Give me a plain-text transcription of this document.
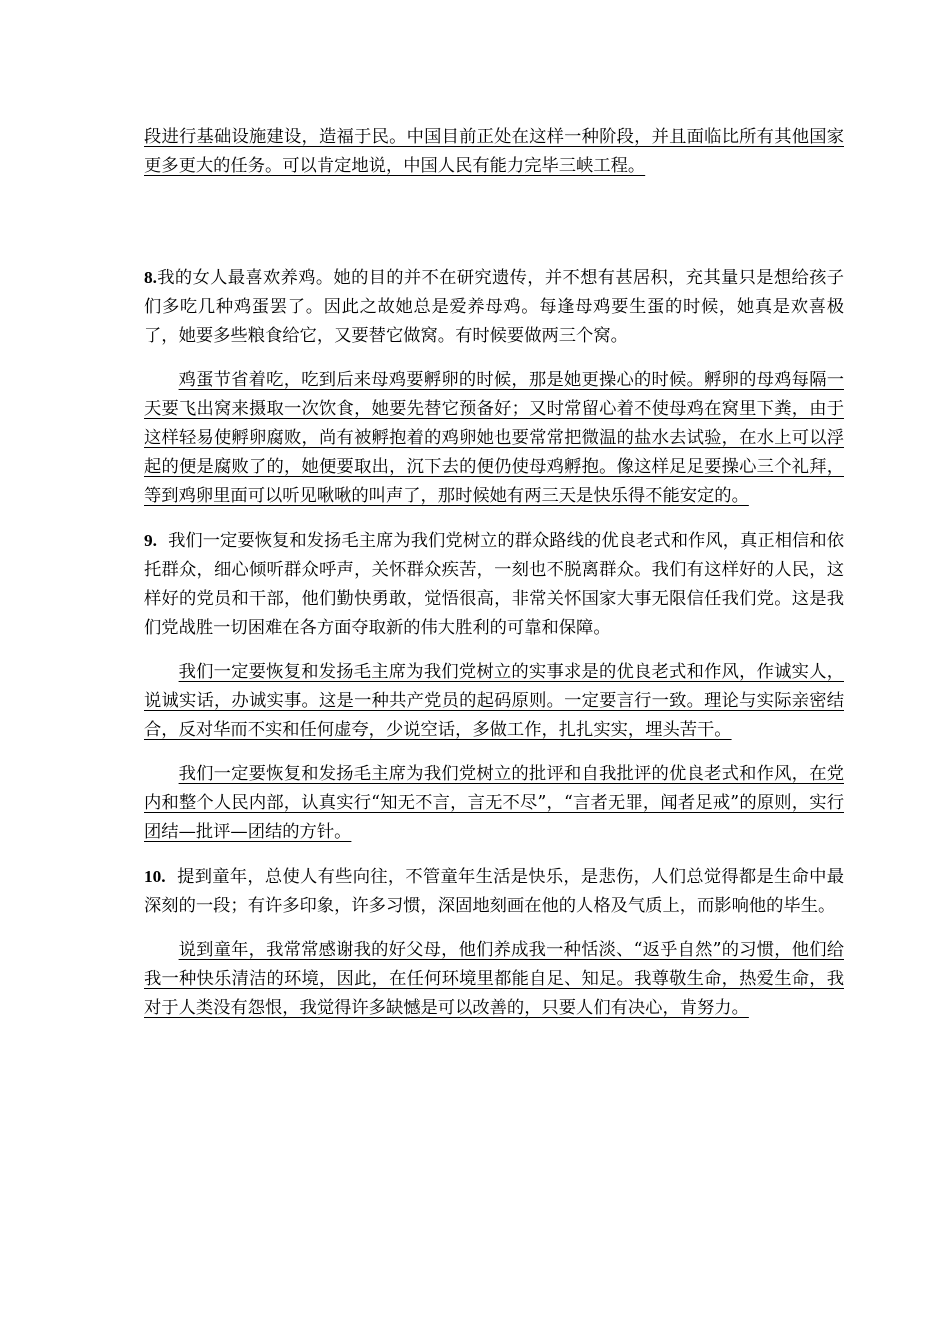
段进行基础设施建设，造福于民。中国目前正处在这样一种阶段，并且面临比所有其他国家更多更大的任务。可以肯定地说，中国人民有能力完毕三峡工程。

8.我的女人最喜欢养鸡。她的目的并不在研究遗传，并不想有甚居积，充其量只是想给孩子们多吃几种鸡蛋罢了。因此之故她总是爱养母鸡。每逢母鸡要生蛋的时候，她真是欢喜极了，她要多些粮食给它，又要替它做窝。有时候要做两三个窝。

鸡蛋节省着吃，吃到后来母鸡要孵卵的时候，那是她更操心的时候。孵卵的母鸡每隔一天要飞出窝来摄取一次饮食，她要先替它预备好；又时常留心着不使母鸡在窝里下粪，由于这样轻易使孵卵腐败，尚有被孵抱着的鸡卵她也要常常把微温的盐水去试验，在水上可以浮起的便是腐败了的，她便要取出，沉下去的便仍使母鸡孵抱。像这样足足要操心三个礼拜，等到鸡卵里面可以听见啾啾的叫声了，那时候她有两三天是快乐得不能安定的。

9. 我们一定要恢复和发扬毛主席为我们党树立的群众路线的优良老式和作风，真正相信和依托群众，细心倾听群众呼声，关怀群众疾苦，一刻也不脱离群众。我们有这样好的人民，这样好的党员和干部，他们勤快勇敢，觉悟很高，非常关怀国家大事无限信任我们党。这是我们党战胜一切困难在各方面夺取新的伟大胜利的可靠和保障。

我们一定要恢复和发扬毛主席为我们党树立的实事求是的优良老式和作风，作诚实人，说诚实话，办诚实事。这是一种共产党员的起码原则。一定要言行一致。理论与实际亲密结合，反对华而不实和任何虚夸，少说空话，多做工作，扎扎实实，埋头苦干。

我们一定要恢复和发扬毛主席为我们党树立的批评和自我批评的优良老式和作风，在党内和整个人民内部，认真实行“知无不言，言无不尽”，“言者无罪，闻者足戒”的原则，实行团结—批评—团结的方针。

10. 提到童年，总使人有些向往，不管童年生活是快乐，是悲伤，人们总觉得都是生命中最深刻的一段；有许多印象，许多习惯，深固地刻画在他的人格及气质上，而影响他的毕生。

说到童年，我常常感谢我的好父母，他们养成我一种恬淡、“返乎自然”的习惯，他们给我一种快乐清洁的环境，因此，在任何环境里都能自足、知足。我尊敬生命，热爱生命，我对于人类没有怨恨，我觉得许多缺憾是可以改善的，只要人们有决心，肯努力。
